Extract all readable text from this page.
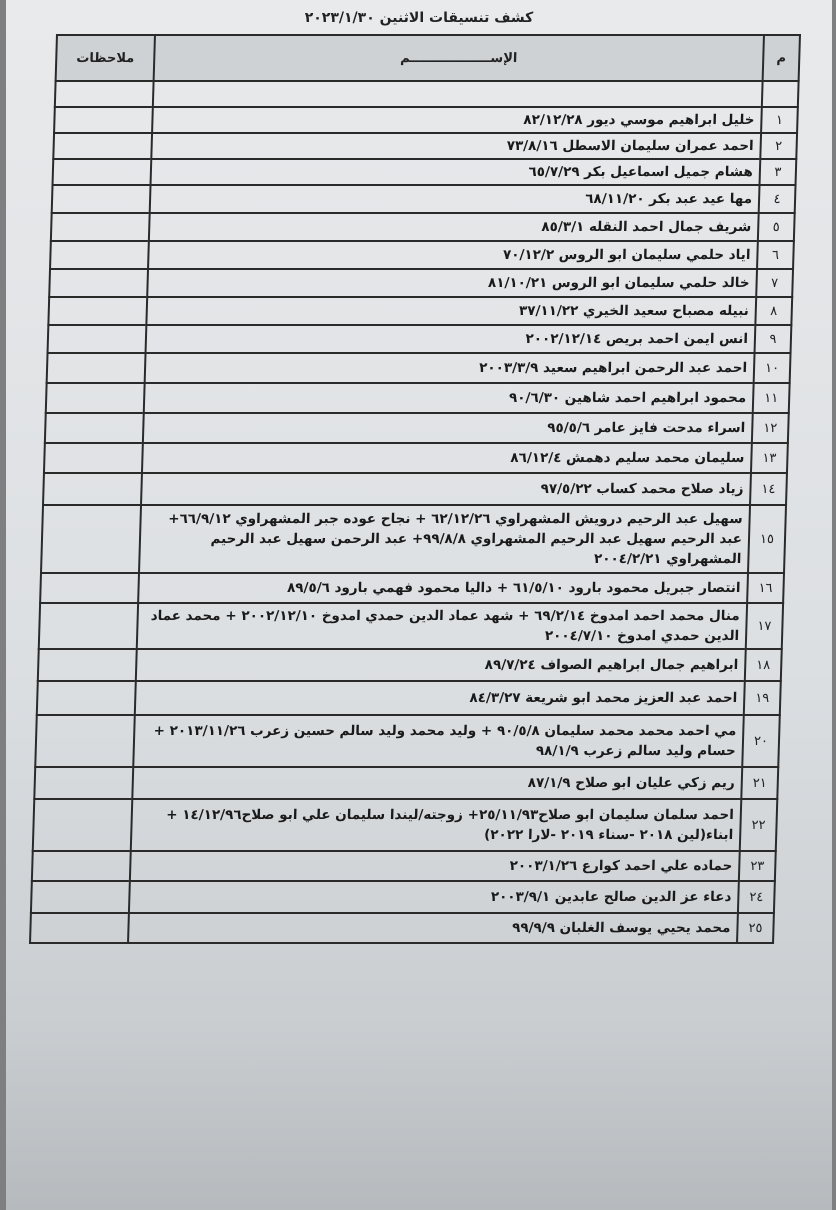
كشف تنسيقات الاثنين ٢٠٢٣/١/٣٠
م	الإســــــــــــــــــم	ملاحظات

١	خليل ابراهيم موسي ديور ٨٢/١٢/٢٨	
٢	احمد عمران سليمان الاسطل ٧٣/٨/١٦	
٣	هشام جميل اسماعيل بكر ٦٥/٧/٢٩	
٤	مها عيد عبد بكر ٦٨/١١/٢٠	
٥	شريف جمال احمد النقله ٨٥/٣/١	
٦	اياد حلمي سليمان ابو الروس ٧٠/١٢/٢	
٧	خالد حلمي سليمان ابو الروس ٨١/١٠/٢١	
٨	نبيله مصباح سعيد الخيري ٣٧/١١/٢٢	
٩	انس ايمن احمد بريص ٢٠٠٢/١٢/١٤	
١٠	احمد عبد الرحمن ابراهيم سعيد ٢٠٠٣/٣/٩	
١١	محمود ابراهيم احمد شاهين ٩٠/٦/٣٠	
١٢	اسراء مدحت فايز عامر ٩٥/٥/٦	
١٣	سليمان محمد سليم دهمش ٨٦/١٢/٤	
١٤	زياد صلاح محمد كساب ٩٧/٥/٢٢	
١٥	سهيل عبد الرحيم درويش المشهراوي ٦٢/١٢/٢٦ + نجاح عوده جبر المشهراوي ٦٦/٩/١٢+ عبد الرحيم سهيل عبد الرحيم المشهراوي ٩٩/٨/٨+ عبد الرحمن سهيل عبد الرحيم المشهراوي ٢٠٠٤/٢/٢١	
١٦	انتصار جبريل محمود بارود ٦١/٥/١٠ + داليا محمود فهمي بارود ٨٩/٥/٦	
١٧	منال محمد احمد امدوخ ٦٩/٢/١٤ + شهد عماد الدين حمدي امدوخ ٢٠٠٢/١٢/١٠ + محمد عماد الدين حمدي امدوخ ٢٠٠٤/٧/١٠	
١٨	ابراهيم جمال ابراهيم الصواف ٨٩/٧/٢٤	
١٩	احمد عبد العزيز محمد ابو شريعة ٨٤/٣/٢٧	
٢٠	مي احمد محمد محمد سليمان ٩٠/٥/٨ + وليد محمد وليد سالم حسين زعرب ٢٠١٣/١١/٢٦ + حسام وليد سالم زعرب ٩٨/١/٩	
٢١	ريم زكي عليان ابو صلاح ٨٧/١/٩	
٢٢	احمد سلمان سليمان ابو صلاح٢٥/١١/٩٣+ زوجته/ليندا سليمان علي ابو صلاح١٤/١٢/٩٦ + ابناء(لين ٢٠١٨ -سناء ٢٠١٩ -لارا ٢٠٢٢)	
٢٣	حماده علي احمد كوارع ٢٠٠٣/١/٢٦	
٢٤	دعاء عز الدين صالح عابدين ٢٠٠٣/٩/١	
٢٥	محمد يحيي يوسف الغلبان ٩٩/٩/٩	
